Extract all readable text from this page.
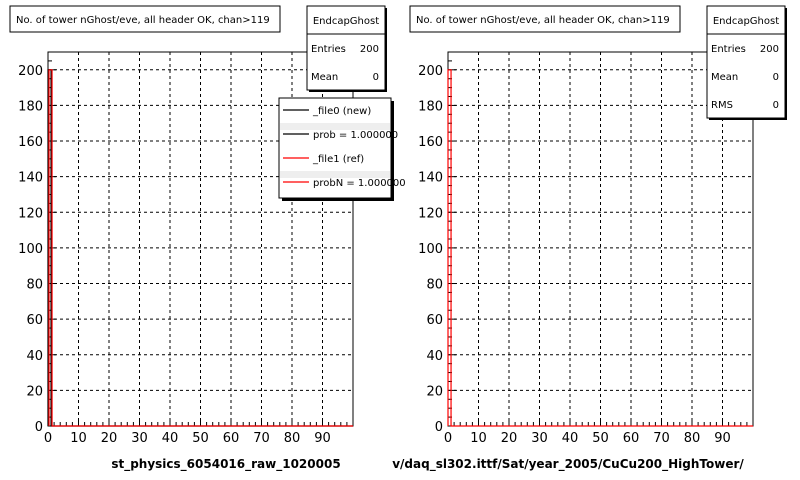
0 10 20 30 40 50 60 70 80 90
0
20
40
60
80
100
120
140
160
180
200
No. of tower nGhost/eve, all header OK, chan>119	EndcapGhost
Entries 200
Mean	0
_file0 (new)
prob = 1.000000
_file1 (ref)
probN = 1.000000
st_physics_6054016_raw_1020005
0 10 20 30 40 50 60 70 80 90
0
20
40
60
80
100
120
140
160
180
200
No. of tower nGhost/eve, all header OK, chan>119	EndcapGhost
Entries 200
Mean	0
RMS	0
v/daq_sl302.ittf/Sat/year_2005/CuCu200_HighTower/
